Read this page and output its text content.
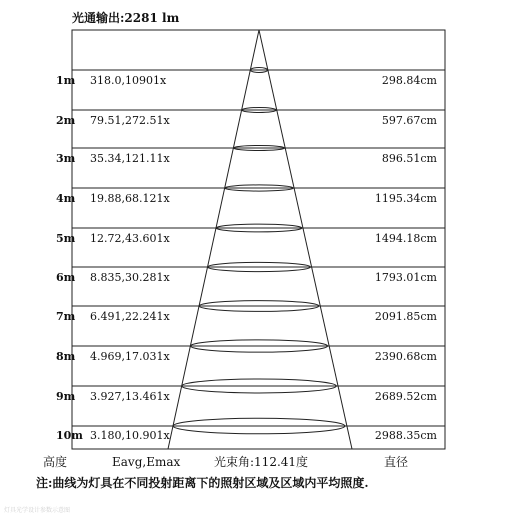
光通输出:2281 lm
1m 318.0,10901x	298.84cm
2m 79.51,272.51x	597.67cm
3m 35.34,121.11x	896.51cm
4m 19.88,68.121x	1195.34cm
5m 12.72,43.601x	1494.18cm
6m 8.835,30.281x	1793.01cm
7m 6.491,22.241x	2091.85cm
8m 4.969,17.031x	2390.68cm
9m 3.927,13.461x	2689.52cm
10m 3.180,10.901x	2988.35cm
高度	Eavg,Emax	光束角:112.41度	直径
注:曲线为灯具在不同投射距离下的照射区域及区域内平均照度.
灯具光学设计参数示意图
